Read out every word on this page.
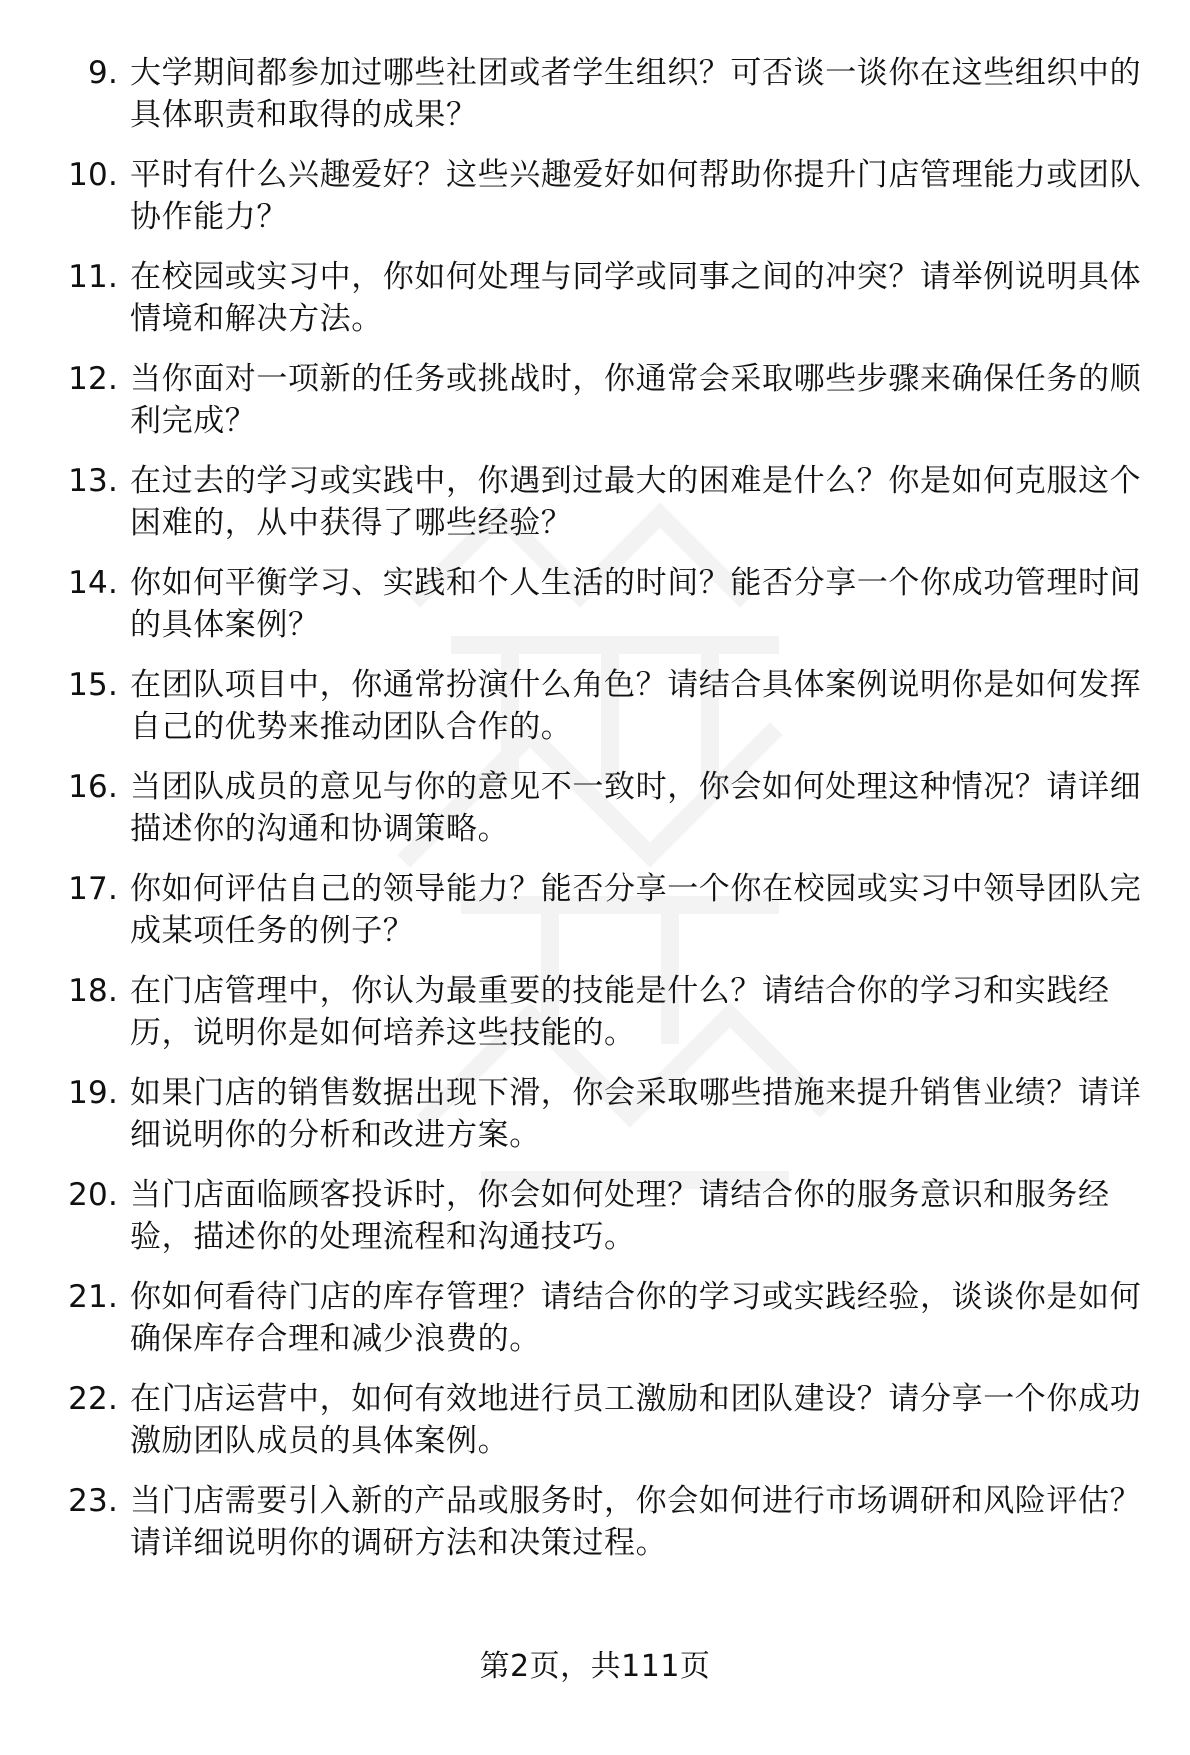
9. 大学期间都参加过哪些社团或者学生组织？可否谈一谈你在这些组织中的具体职责和取得的成果？
10. 平时有什么兴趣爱好？这些兴趣爱好如何帮助你提升门店管理能力或团队协作能力？
11. 在校园或实习中，你如何处理与同学或同事之间的冲突？请举例说明具体情境和解决方法。
12. 当你面对一项新的任务或挑战时，你通常会采取哪些步骤来确保任务的顺利完成？
13. 在过去的学习或实践中，你遇到过最大的困难是什么？你是如何克服这个困难的，从中获得了哪些经验？
14. 你如何平衡学习、实践和个人生活的时间？能否分享一个你成功管理时间的具体案例？
15. 在团队项目中，你通常扮演什么角色？请结合具体案例说明你是如何发挥自己的优势来推动团队合作的。
16. 当团队成员的意见与你的意见不一致时，你会如何处理这种情况？请详细描述你的沟通和协调策略。
17. 你如何评估自己的领导能力？能否分享一个你在校园或实习中领导团队完成某项任务的例子？
18. 在门店管理中，你认为最重要的技能是什么？请结合你的学习和实践经历，说明你是如何培养这些技能的。
19. 如果门店的销售数据出现下滑，你会采取哪些措施来提升销售业绩？请详细说明你的分析和改进方案。
20. 当门店面临顾客投诉时，你会如何处理？请结合你的服务意识和服务经验，描述你的处理流程和沟通技巧。
21. 你如何看待门店的库存管理？请结合你的学习或实践经验，谈谈你是如何确保库存合理和减少浪费的。
22. 在门店运营中，如何有效地进行员工激励和团队建设？请分享一个你成功激励团队成员的具体案例。
23. 当门店需要引入新的产品或服务时，你会如何进行市场调研和风险评估？请详细说明你的调研方法和决策过程。
第2页，共111页
